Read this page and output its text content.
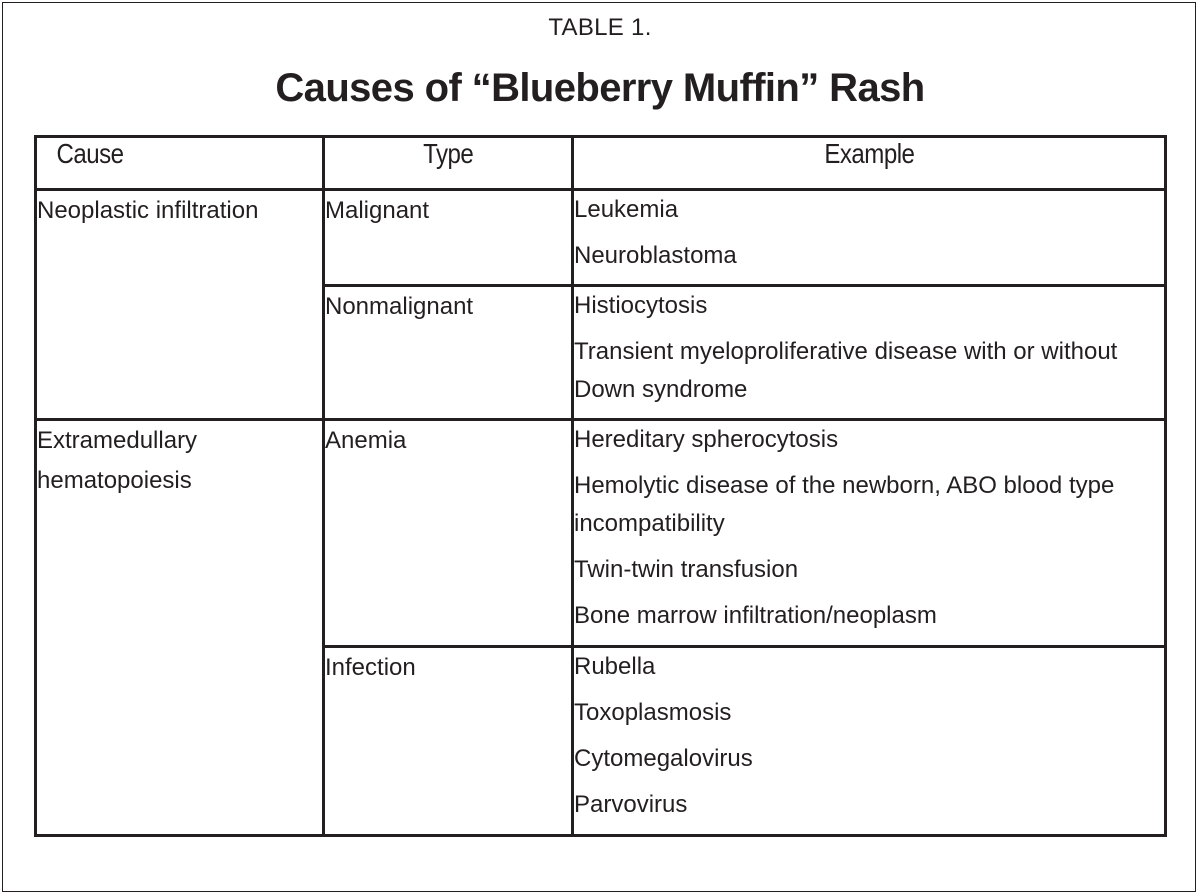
TABLE 1.
Causes of “Blueberry Muffin” Rash
Cause	Type	Example
Neoplastic infiltration	Malignant	Leukemia
Neuroblastoma

	Nonmalignant	Histiocytosis
Transient myeloproliferative disease with or without Down syndrome

Extramedullary hematopoiesis	Anemia	Hereditary spherocytosis
Hemolytic disease of the newborn, ABO blood type incompatibility
Twin-twin transfusion
Bone marrow infiltration/neoplasm

	Infection	Rubella
Toxoplasmosis
Cytomegalovirus
Parvovirus
